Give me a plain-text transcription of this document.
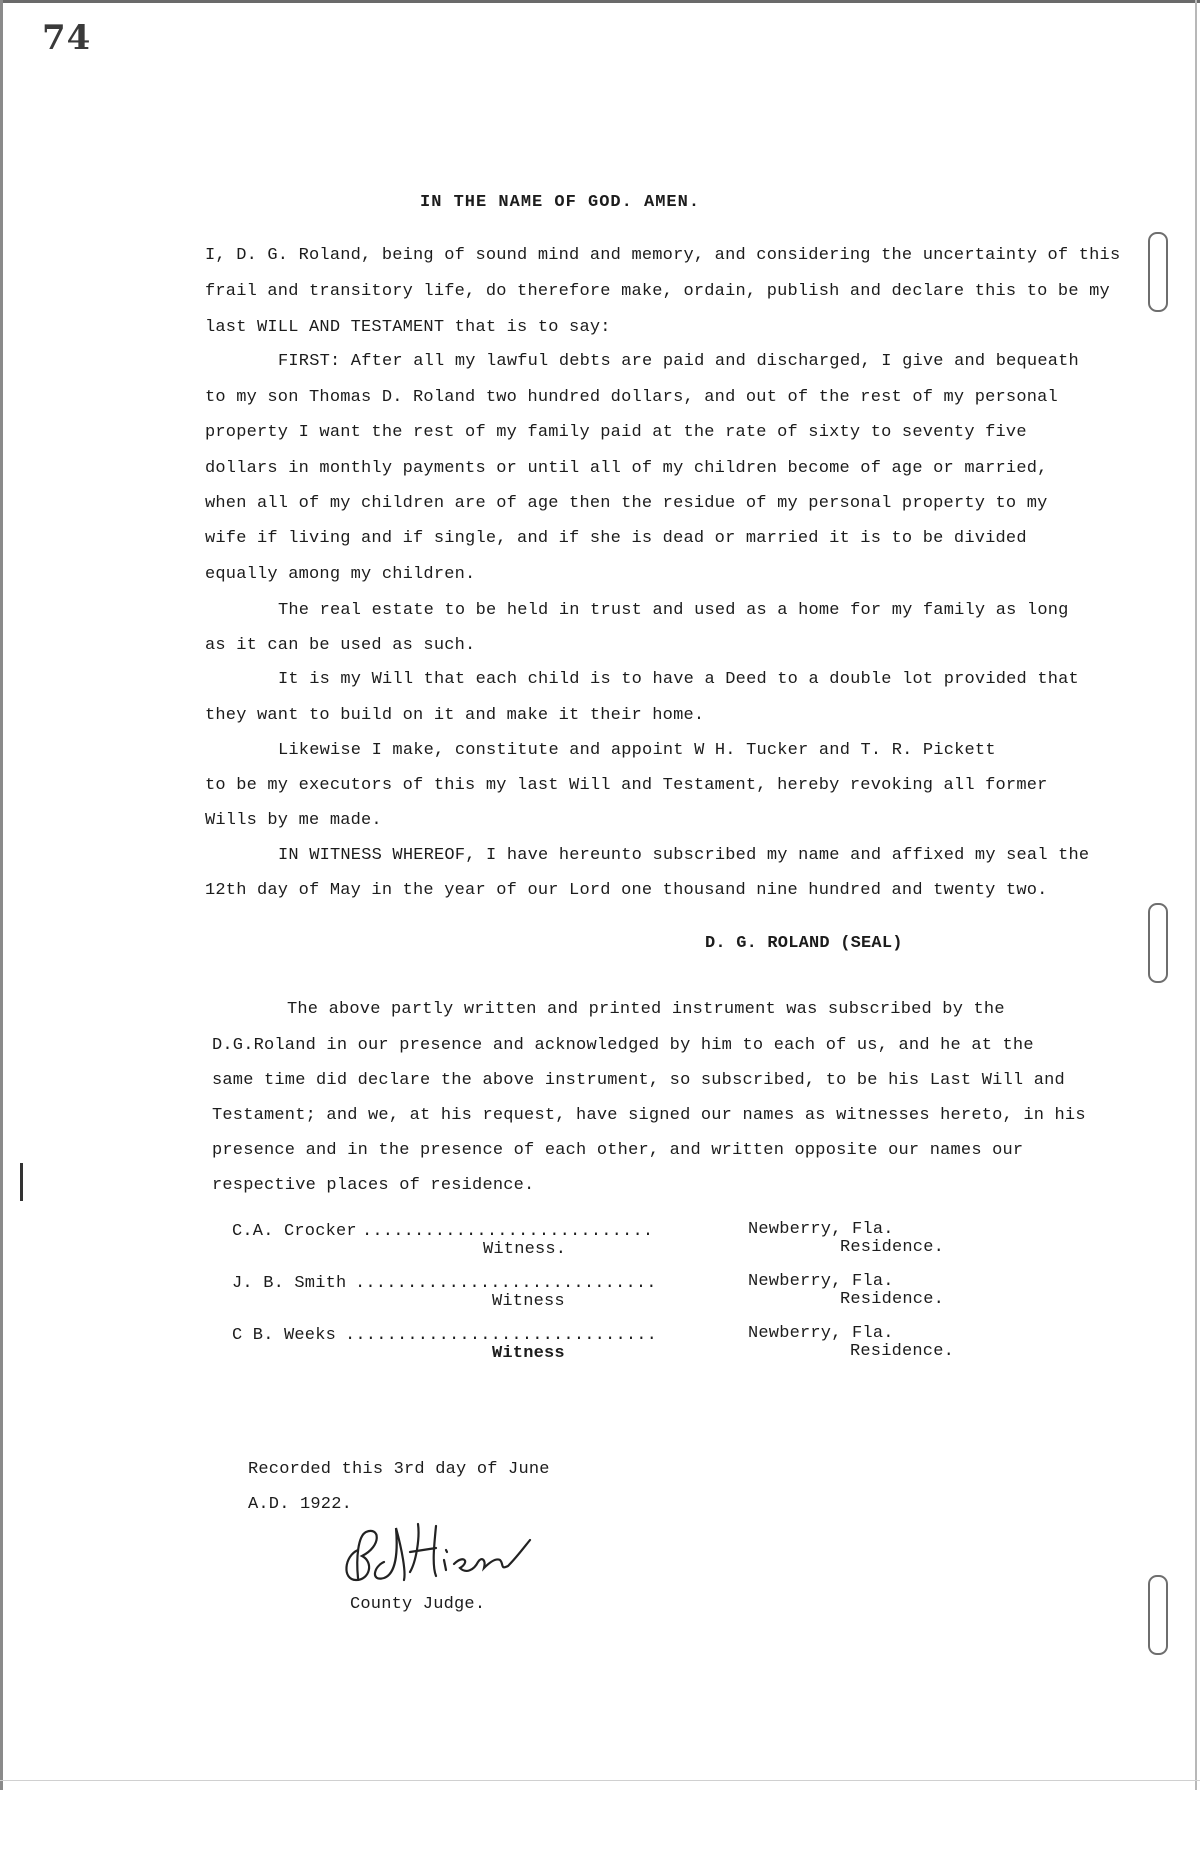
74
IN THE NAME OF GOD. AMEN.
I, D. G. Roland, being of sound mind and memory, and considering the uncertainty of this
frail and transitory life, do therefore make, ordain, publish and declare this to be my
last WILL AND TESTAMENT that is to say:
FIRST: After all my lawful debts are paid and discharged, I give and bequeath
to my son Thomas D. Roland two hundred dollars, and out of the rest of my personal
property I want the rest of my family paid at the rate of sixty to seventy five
dollars in monthly payments or until all of my children become of age or married,
when all of my children are of age then the residue of my personal property to my
wife if living and if single, and if she is dead or married it is to be divided
equally among my children.
The real estate to be held in trust and used as a home for my family as long
as it can be used as such.
It is my Will that each child is to have a Deed to a double lot provided that
they want to build on it and make it their home.
Likewise I make, constitute and appoint W H. Tucker and T. R. Pickett
to be my executors of this my last Will and Testament, hereby revoking all former
Wills by me made.
IN WITNESS WHEREOF, I have hereunto subscribed my name and affixed my seal the
12th day of May in the year of our Lord one thousand nine hundred and twenty two.
D. G. ROLAND (SEAL)
The above partly written and printed instrument was subscribed by the
D.G.Roland in our presence and acknowledged by him to each of us, and he at the
same time did declare the above instrument, so subscribed, to be his Last Will and
Testament; and we, at his request, have signed our names as witnesses hereto, in his
presence and in the presence of each other, and written opposite our names our
respective places of residence.
C.A. Crocker ............................
Witness.
Newberry, Fla.
Residence.
J. B. Smith .............................
Witness
Newberry, Fla.
Residence.
C B. Weeks ..............................
Witness
Newberry, Fla.
Residence.
Recorded this 3rd day of June
A.D. 1922.
County Judge.
